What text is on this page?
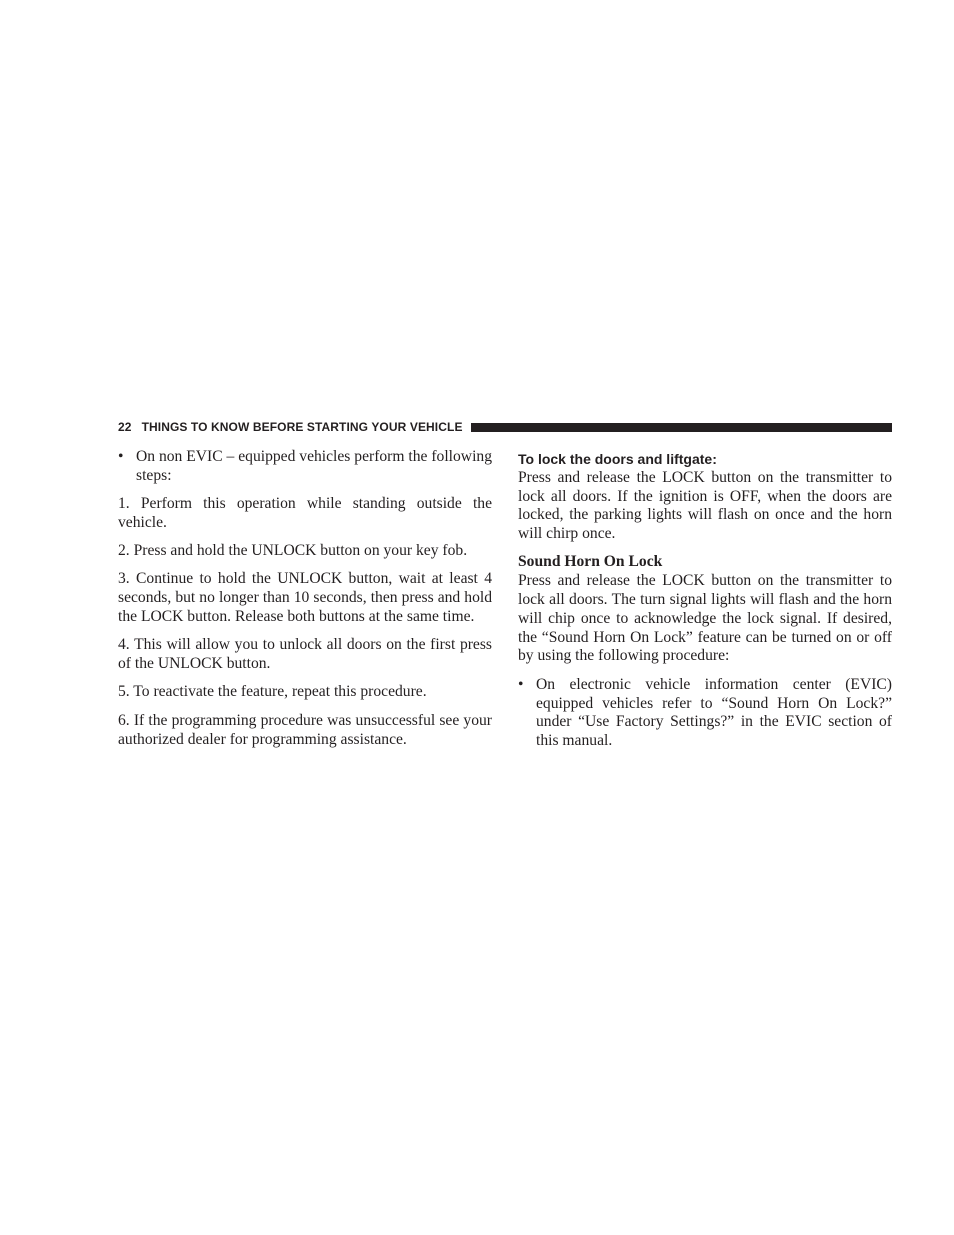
22 THINGS TO KNOW BEFORE STARTING YOUR VEHICLE
• On non EVIC – equipped vehicles perform the following steps:

1. Perform this operation while standing outside the vehicle.

2. Press and hold the UNLOCK button on your key fob.

3. Continue to hold the UNLOCK button, wait at least 4 seconds, but no longer than 10 seconds, then press and hold the LOCK button. Release both buttons at the same time.

4. This will allow you to unlock all doors on the first press of the UNLOCK button.

5. To reactivate the feature, repeat this procedure.

6. If the programming procedure was unsuccessful see your authorized dealer for programming assistance.

To lock the doors and liftgate:

Press and release the LOCK button on the transmitter to lock all doors. If the ignition is OFF, when the doors are locked, the parking lights will flash on once and the horn will chirp once.

Sound Horn On Lock

Press and release the LOCK button on the transmitter to lock all doors. The turn signal lights will flash and the horn will chip once to acknowledge the lock signal. If desired, the “Sound Horn On Lock” feature can be turned on or off by using the following procedure:

• On electronic vehicle information center (EVIC) equipped vehicles refer to “Sound Horn On Lock?” under “Use Factory Settings?” in the EVIC section of this manual.
